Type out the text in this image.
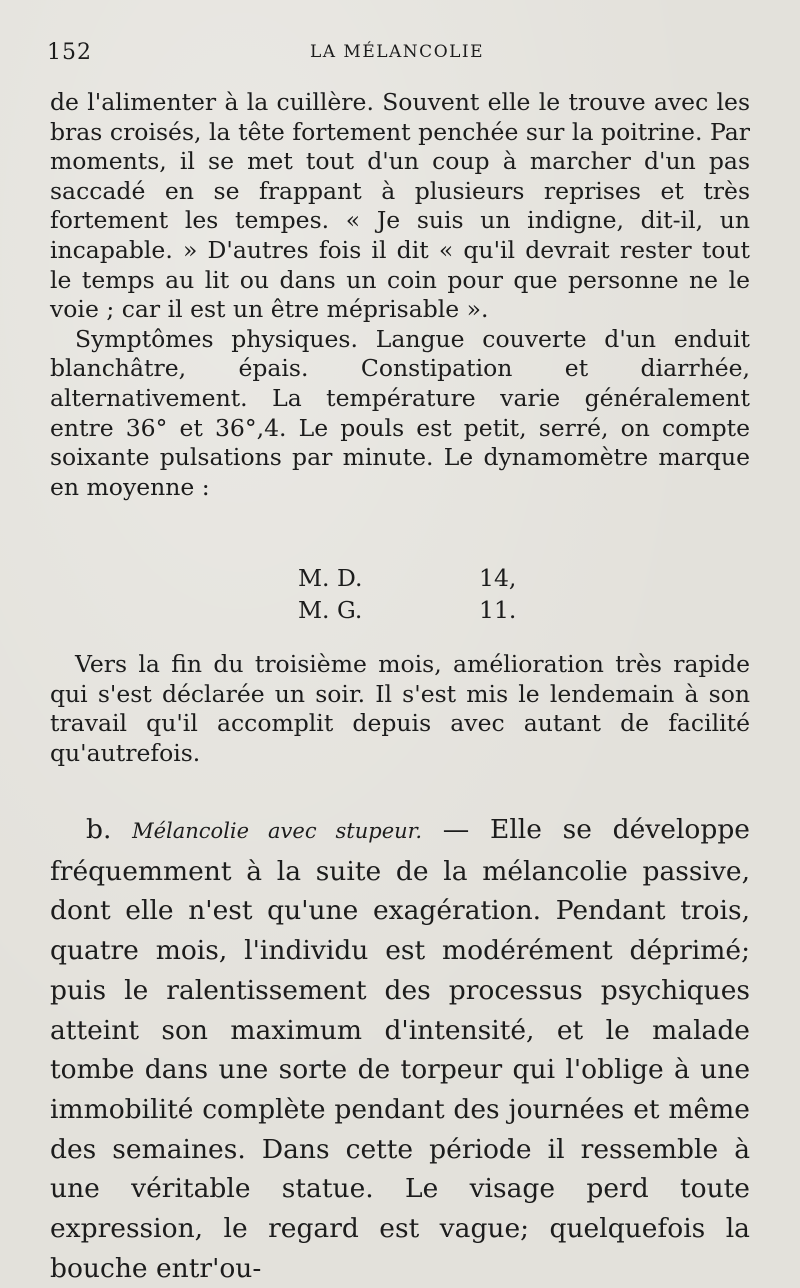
152	LA MÉLANCOLIE

de l'alimenter à la cuillère. Souvent elle le trouve avec les bras croisés, la tête fortement penchée sur la poitrine. Par moments, il se met tout d'un coup à marcher d'un pas saccadé en se frappant à plusieurs reprises et très fortement les tempes. « Je suis un indigne, dit-il, un incapable. » D'autres fois il dit « qu'il devrait rester tout le temps au lit ou dans un coin pour que personne ne le voie ; car il est un être méprisable ».

Symptômes physiques. Langue couverte d'un enduit blanchâtre, épais. Constipation et diarrhée, alternativement. La température varie généralement entre 36° et 36°,4. Le pouls est petit, serré, on compte soixante pulsations par minute. Le dynamomètre marque en moyenne :

M. D.	14,
M. G.	11.

Vers la fin du troisième mois, amélioration très rapide qui s'est déclarée un soir. Il s'est mis le lendemain à son travail qu'il accomplit depuis avec autant de facilité qu'autrefois.

b. Mélancolie avec stupeur. — Elle se développe fréquemment à la suite de la mélancolie passive, dont elle n'est qu'une exagération. Pendant trois, quatre mois, l'individu est modérément déprimé; puis le ralentissement des processus psychiques atteint son maximum d'intensité, et le malade tombe dans une sorte de torpeur qui l'oblige à une immobilité complète pendant des journées et même des semaines. Dans cette période il ressemble à une véritable statue. Le visage perd toute expression, le regard est vague; quelquefois la bouche entr'ou-
